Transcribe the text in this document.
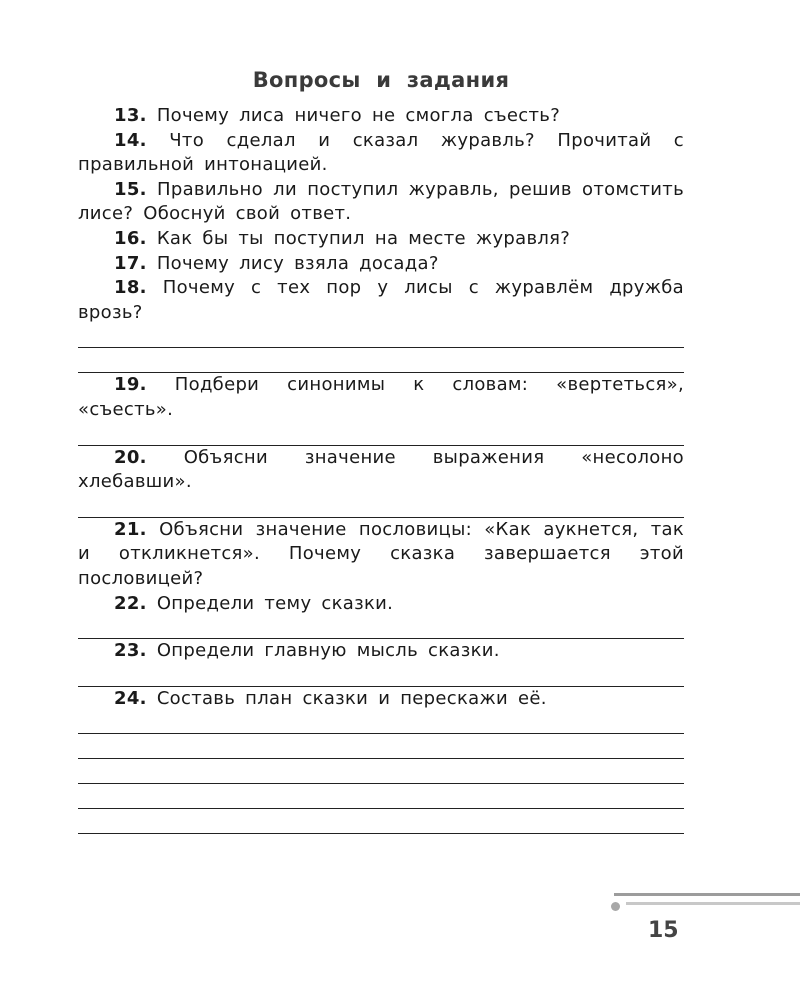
Вопросы и задания

13. Почему лиса ничего не смогла съесть?

14. Что сделал и сказал журавль? Прочитай с правильной интонацией.

15. Правильно ли поступил журавль, решив отомстить лисе? Обоснуй свой ответ.

16. Как бы ты поступил на месте журавля?

17. Почему лису взяла досада?

18. Почему с тех пор у лисы с журавлём дружба врозь?

19. Подбери синонимы к словам: «вертеться», «съесть».

20. Объясни значение выражения «несолоно хлебавши».

21. Объясни значение пословицы: «Как аукнется, так и откликнется». Почему сказка завершается этой пословицей?

22. Определи тему сказки.

23. Определи главную мысль сказки.

24. Составь план сказки и перескажи её.

15
